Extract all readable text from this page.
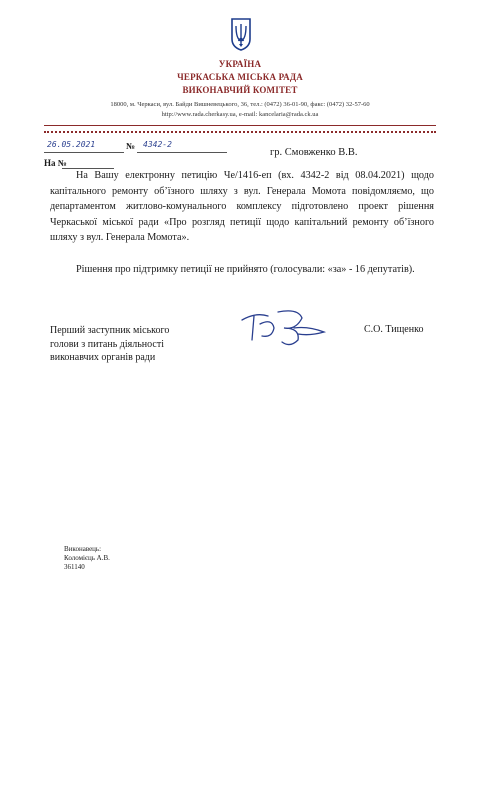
УКРАЇНА
ЧЕРКАСЬКА МІСЬКА РАДА
ВИКОНАВЧИЙ КОМІТЕТ
18000, м. Черкаси, вул. Байди Вишневецького, 36, тел.: (0472) 36-01-90, факс: (0472) 32-57-60
http://www.rada.cherkasy.ua, e-mail: kancelaria@rada.ck.ua
26.05.2021	№ 4342-2
На №
гр. Смовженко В.В.
На Вашу електронну петицію Че/1416-еп (вх. 4342-2 від 08.04.2021) щодо капітального ремонту об’їзного шляху з вул. Генерала Момота повідомляємо, що департаментом житлово-комунального комплексу підготовлено проект рішення Черкаської міської ради «Про розгляд петиції щодо капітальний ремонту об’їзного шляху з вул. Генерала Момота».
Рішення про підтримку петиції не прийнято (голосували: «за» - 16 депутатів).
Перший заступник міського
голови з питань діяльності
виконавчих органів ради
С.О. Тищенко
Виконавець:
Коломієць А.В.
361140
